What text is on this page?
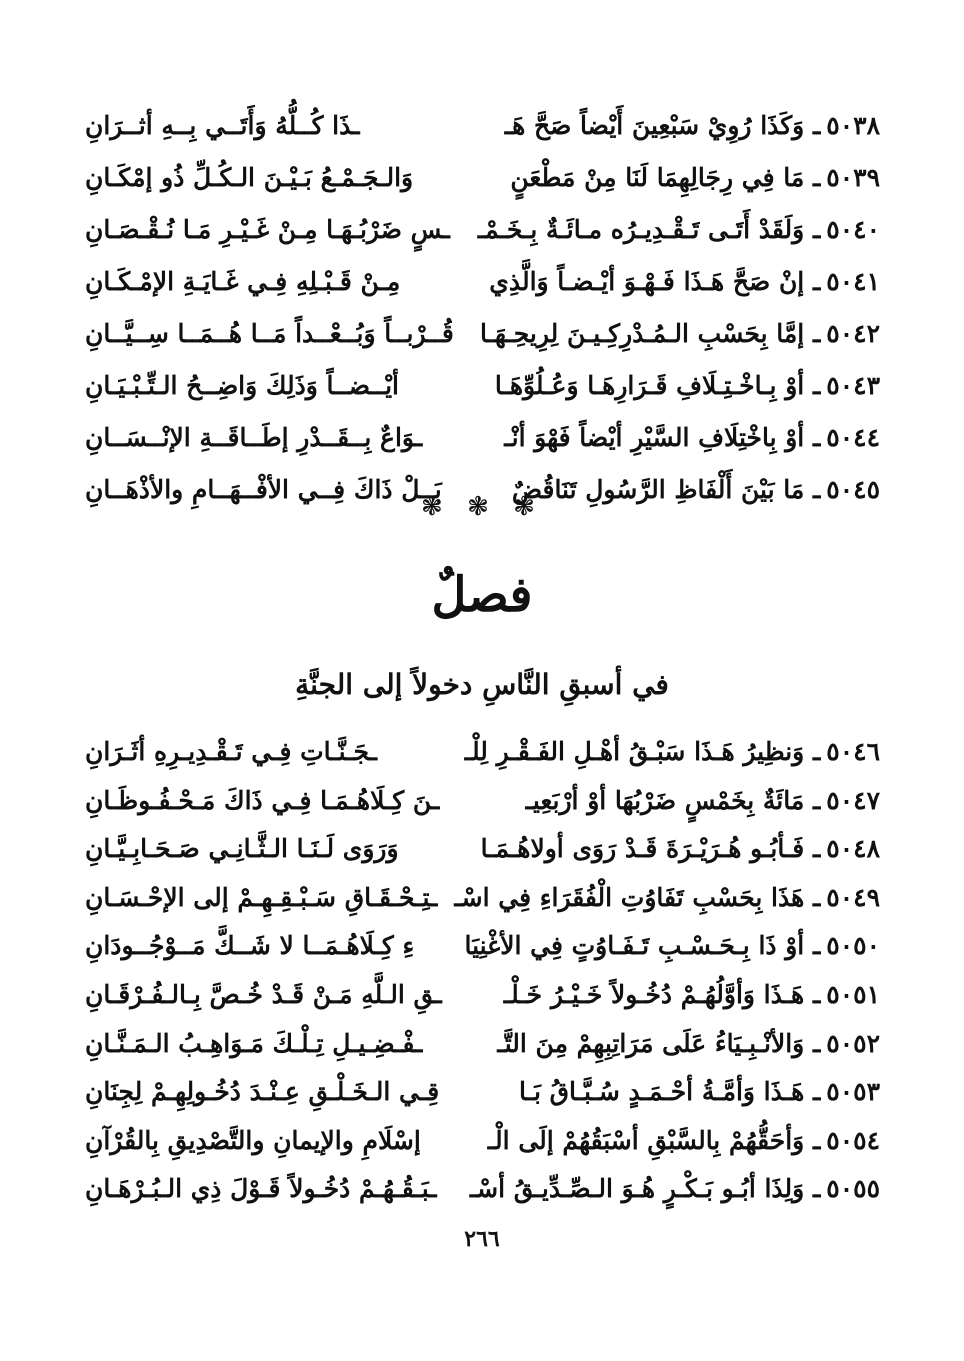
٥٠٣٨ـ وَكَذَا رُوِيْ سَبْعِينَ أَيْضاً صَحَّ هَـ
ـذَا كُــلُّهُ وَأَتَــي بِــهِ أثــرَانِ
٥٠٣٩ـ مَا فِي رِجَالِهِمَا لَنَا مِنْ مَطْعَنٍ
وَالـجَـمْـعُ بَـيْـنَ الـكُـلِّ ذُو إمْكَـانِ
٥٠٤٠ـ وَلَقَدْ أَتَـى تَـقْـدِيـرُه مـائَـةٌ بِـخَـمْـ
ـسٍ ضَرْبُـهَـا مِـنْ غَـيْـرِ مَـا نُـقْـصَـانِ
٥٠٤١ـ إنْ صَحَّ هَـذَا فَـهْـوَ أيْـضـاً وَالَّذِي
مِـنْ قَـبْـلِهِ فِـي غَـايَـةِ الإمْـكَـانِ
٥٠٤٢ـ إمَّا بِحَسْبِ الـمُـدْرِكِـيـنَ لِرِيحِـهَـا
قُــرْبــاً وَبُــعْــداً مَــا هُــمَــا سِــيَّــانِ
٥٠٤٣ـ أوْ بِـاخْـتِـلَافِ قَـرَارِهَـا وَعُـلُوِّهَـا
أيْــضــاً وَذَلِكَ وَاضِــحُ الـتِّـبْـيَـانِ
٥٠٤٤ـ أوْ بِاخْتِلَافِ السَّيْرِ أيْضاً فَهْوَ أنْـ
ـوَاعٌ بِــقَــدْرِ إطَــاقَــةِ الإنْــسَــانِ
٥٠٤٥ـ مَا بَيْنَ أَلْفَاظِ الرَّسُولِ تَنَاقُضٌ
بَــلْ ذَاكَ فِــي الأفْــهَــامِ والأذْهَــانِ
❃ ❃ ❃
فصلٌ
في أسبقِ النَّاسِ دخولاً إلى الجنَّةِ
٥٠٤٦ـ وَنظِيرُ هَـذَا سَبْـقُ أهْـلِ الفَـقْـرِ لِلْـ
ـجَـنَّـاتِ فِـي تَـقْـدِيـرِهِ أثَـرَانِ
٥٠٤٧ـ مَائَةٌ بِخَمْسٍ ضَرْبُهَا أوْ أرْبَعِيـ
ـنَ كِـلَاهُـمَـا فِـي ذَاكَ مَـحْـفُـوظَـانِ
٥٠٤٨ـ فَـأبُـو هُـرَيْـرَةَ قَـدْ رَوَى أولاهُـمَـا
وَرَوَى لَـنَـا الـثَّـانِـي صَـحَـابِـيَّـانِ
٥٠٤٩ـ هَذَا بِحَسْبِ تَفَاوُتِ الْفُقَرَاءِ فِي اسْـ
ـتِـحْـقَـاقِ سَـبْـقِـهِـمْ إلى الإحْـسَـانِ
٥٠٥٠ـ أوْ ذَا بِـحَـسْـبِ تَـفَـاوُتٍ فِي الأغْنِيَا
ءِ كِـلَاهُـمَــا لا شَــكَّ مَــوْجُــودَانِ
٥٠٥١ـ هَـذَا وَأوَّلُهُـمْ دُخُـولاً خَـيْـرُ خَـلْـ
ـقِ الـلَّهِ مَـنْ قَـدْ خُـصَّ بِـالـفُـرْقَـانِ
٥٠٥٢ـ وَالأنْـبِـيَاءُ عَلَى مَرَاتِبِهِمْ مِنَ التَّـ
ـفْـضِـيـلِ تِـلْـكَ مَـوَاهِـبُ الـمَـنَّـانِ
٥٠٥٣ـ هَـذَا وَأمَّـةُ أحْـمَـدٍ سُـبَّـاقُ بَـا
قِـي الـخَـلْـقِ عِـنْـدَ دُخُـولِهِـمْ لِجِنَانِ
٥٠٥٤ـ وَأحَقُّهُمْ بِالسَّبْقِ أسْبَقُهُمْ إلَى الْـ
إسْلَامِ والإيمانِ والتَّصْدِيقِ بِالقُرْآنِ
٥٠٥٥ـ وَلِذَا أبُـو بَـكْـرٍ هُـوَ الـصِّـدِّيـقُ أسْـ
ـبَـقُـهُـمْ دُخُـولاً قَـوْلَ ذِي الـبُـرْهَـانِ
٢٦٦
